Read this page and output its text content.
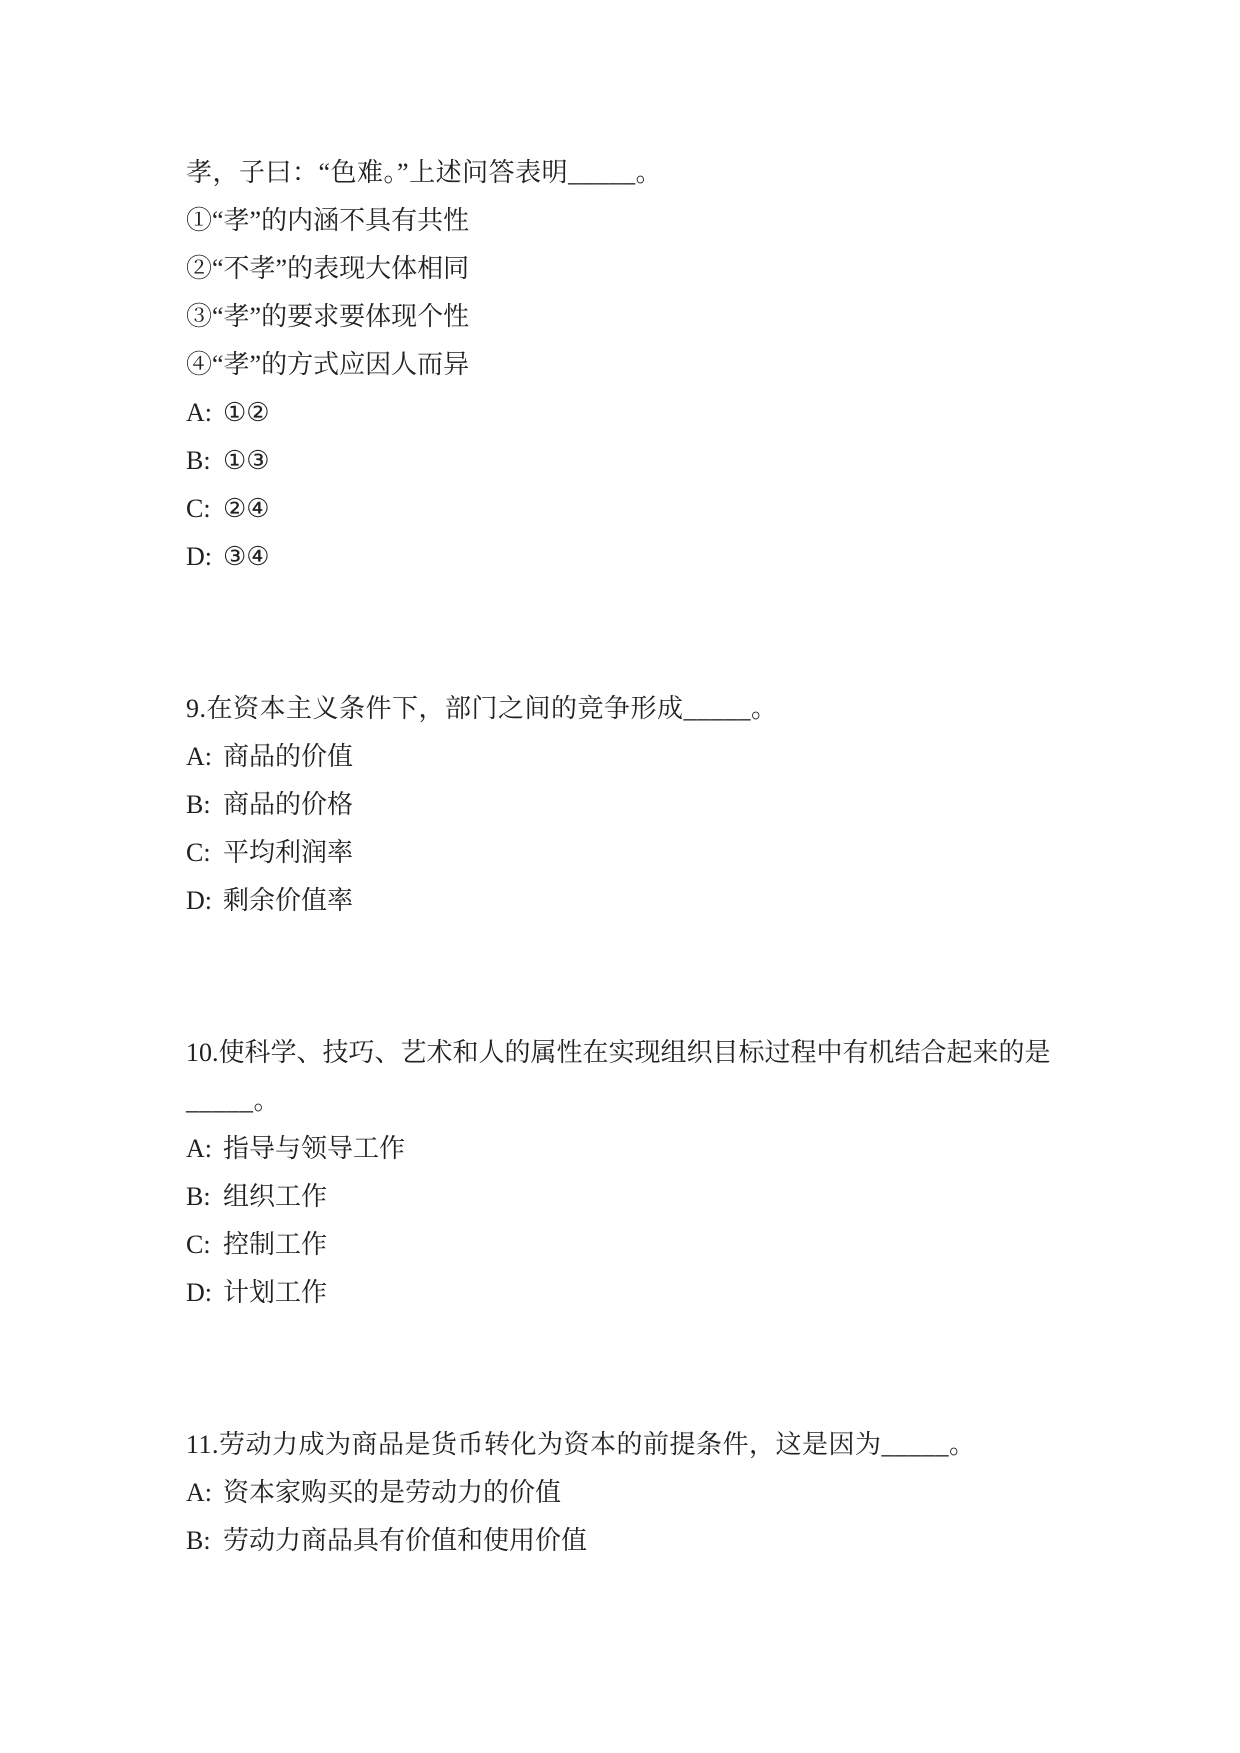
孝，子曰：“色难。”上述问答表明_____。

①“孝”的内涵不具有共性

②“不孝”的表现大体相同

③“孝”的要求要体现个性

④“孝”的方式应因人而异

A: ①②

B: ①③

C: ②④

D: ③④

9.在资本主义条件下，部门之间的竞争形成_____。

A: 商品的价值

B: 商品的价格

C: 平均利润率

D: 剩余价值率

10.使科学、技巧、艺术和人的属性在实现组织目标过程中有机结合起来的是

_____。

A: 指导与领导工作

B: 组织工作

C: 控制工作

D: 计划工作

11.劳动力成为商品是货币转化为资本的前提条件，这是因为_____。

A: 资本家购买的是劳动力的价值

B: 劳动力商品具有价值和使用价值
